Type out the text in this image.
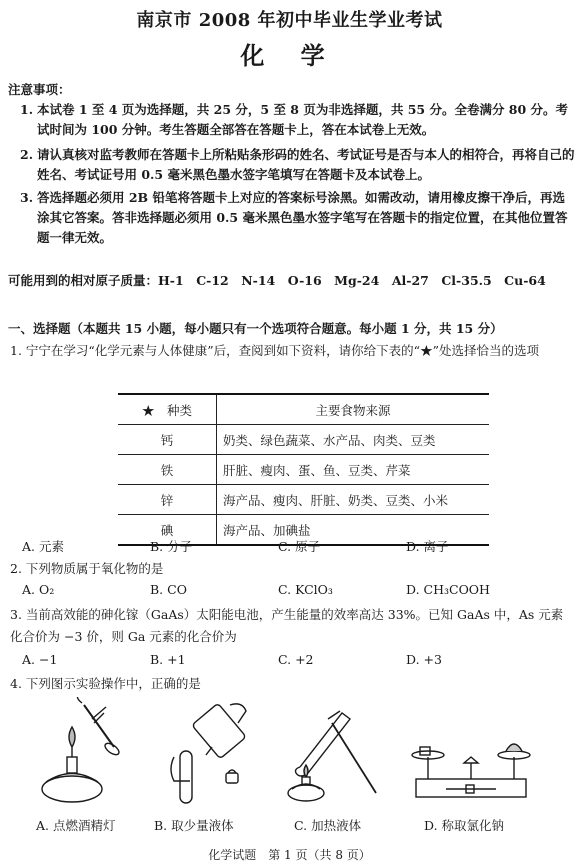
南京市 2008 年初中毕业生学业考试
化 学
注意事项：
1. 本试卷 1 至 4 页为选择题，共 25 分，5 至 8 页为非选择题，共 55 分。全卷满分 80 分。考试时间为 100 分钟。考生答题全部答在答题卡上，答在本试卷上无效。
2. 请认真核对监考教师在答题卡上所粘贴条形码的姓名、考试证号是否与本人的相符合，再将自己的姓名、考试证号用 0.5 毫米黑色墨水签字笔填写在答题卡及本试卷上。
3. 答选择题必须用 2B 铅笔将答题卡上对应的答案标号涂黑。如需改动，请用橡皮擦干净后，再选涂其它答案。答非选择题必须用 0.5 毫米黑色墨水签字笔写在答题卡的指定位置，在其他位置答题一律无效。
可能用到的相对原子质量：H-1　C-12　N-14　O-16　Mg-24　Al-27　Cl-35.5　Cu-64
一、选择题（本题共 15 小题，每小题只有一个选项符合题意。每小题 1 分，共 15 分）
1. 宁宁在学习“化学元素与人体健康”后，查阅到如下资料，请你给下表的“★”处选择恰当的选项
★　种类	主要食物来源
钙	奶类、绿色蔬菜、水产品、肉类、豆类
铁	肝脏、瘦肉、蛋、鱼、豆类、芹菜
锌	海产品、瘦肉、肝脏、奶类、豆类、小米
碘	海产品、加碘盐
A. 元素	B. 分子	C. 原子	D. 离子
2. 下列物质属于氧化物的是
A. O₂	B. CO	C. KClO₃	D. CH₃COOH
3. 当前高效能的砷化镓（GaAs）太阳能电池，产生能量的效率高达 33%。已知 GaAs 中，As 元素化合价为 −3 价，则 Ga 元素的化合价为
A. −1	B. +1	C. +2	D. +3
4. 下列图示实验操作中，正确的是
A. 点燃酒精灯	B. 取少量液体	C. 加热液体	D. 称取氯化钠
化学试题　第 1 页（共 8 页）
